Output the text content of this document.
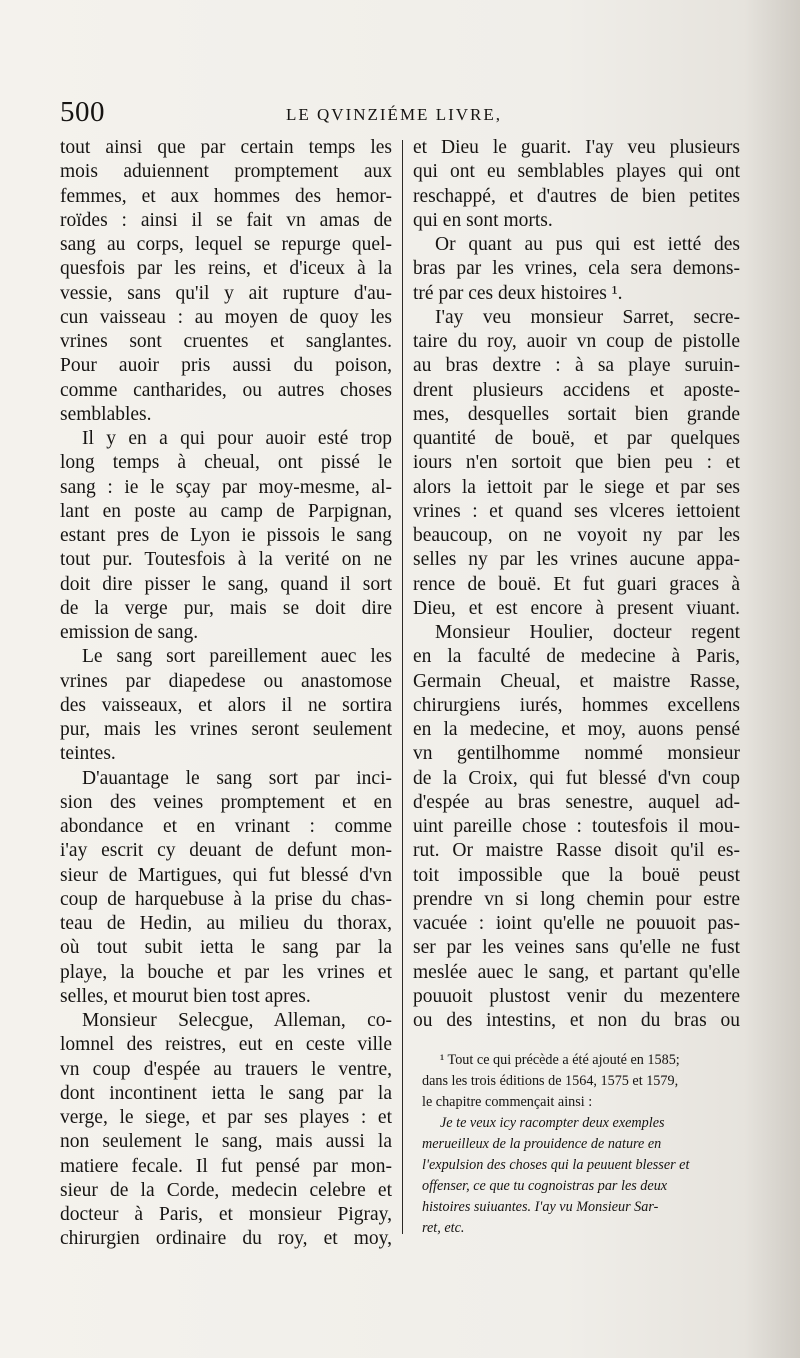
500	LE QVINZIÉME LIVRE,
tout ainsi que par certain temps les
mois aduiennent promptement aux
femmes, et aux hommes des hemor-
roïdes : ainsi il se fait vn amas de
sang au corps, lequel se repurge quel-
quesfois par les reins, et d'iceux à la
vessie, sans qu'il y ait rupture d'au-
cun vaisseau : au moyen de quoy les
vrines sont cruentes et sanglantes.
Pour auoir pris aussi du poison,
comme cantharides, ou autres choses
semblables.
Il y en a qui pour auoir esté trop
long temps à cheual, ont pissé le
sang : ie le sçay par moy-mesme, al-
lant en poste au camp de Parpignan,
estant pres de Lyon ie pissois le sang
tout pur. Toutesfois à la verité on ne
doit dire pisser le sang, quand il sort
de la verge pur, mais se doit dire
emission de sang.
Le sang sort pareillement auec les
vrines par diapedese ou anastomose
des vaisseaux, et alors il ne sortira
pur, mais les vrines seront seulement
teintes.
D'auantage le sang sort par inci-
sion des veines promptement et en
abondance et en vrinant : comme
i'ay escrit cy deuant de defunt mon-
sieur de Martigues, qui fut blessé d'vn
coup de harquebuse à la prise du chas-
teau de Hedin, au milieu du thorax,
où tout subit ietta le sang par la
playe, la bouche et par les vrines et
selles, et mourut bien tost apres.
Monsieur Selecgue, Alleman, co-
lomnel des reistres, eut en ceste ville
vn coup d'espée au trauers le ventre,
dont incontinent ietta le sang par la
verge, le siege, et par ses playes : et
non seulement le sang, mais aussi la
matiere fecale. Il fut pensé par mon-
sieur de la Corde, medecin celebre et
docteur à Paris, et monsieur Pigray,
chirurgien ordinaire du roy, et moy,
et Dieu le guarit. I'ay veu plusieurs
qui ont eu semblables playes qui ont
reschappé, et d'autres de bien petites
qui en sont morts.
Or quant au pus qui est ietté des
bras par les vrines, cela sera demons-
tré par ces deux histoires ¹.
I'ay veu monsieur Sarret, secre-
taire du roy, auoir vn coup de pistolle
au bras dextre : à sa playe suruin-
drent plusieurs accidens et aposte-
mes, desquelles sortait bien grande
quantité de bouë, et par quelques
iours n'en sortoit que bien peu : et
alors la iettoit par le siege et par ses
vrines : et quand ses vlceres iettoient
beaucoup, on ne voyoit ny par les
selles ny par les vrines aucune appa-
rence de bouë. Et fut guari graces à
Dieu, et est encore à present viuant.
Monsieur Houlier, docteur regent
en la faculté de medecine à Paris,
Germain Cheual, et maistre Rasse,
chirurgiens iurés, hommes excellens
en la medecine, et moy, auons pensé
vn gentilhomme nommé monsieur
de la Croix, qui fut blessé d'vn coup
d'espée au bras senestre, auquel ad-
uint pareille chose : toutesfois il mou-
rut. Or maistre Rasse disoit qu'il es-
toit impossible que la bouë peust
prendre vn si long chemin pour estre
vacuée : ioint qu'elle ne pouuoit pas-
ser par les veines sans qu'elle ne fust
meslée auec le sang, et partant qu'elle
pouuoit plustost venir du mezentere
ou des intestins, et non du bras ou
¹ Tout ce qui précède a été ajouté en 1585;
dans les trois éditions de 1564, 1575 et 1579,
le chapitre commençait ainsi :
Je te veux icy racompter deux exemples
merueilleux de la prouidence de nature en
l'expulsion des choses qui la peuuent blesser et
offenser, ce que tu cognoistras par les deux
histoires suiuantes. I'ay vu Monsieur Sar-
ret, etc.
